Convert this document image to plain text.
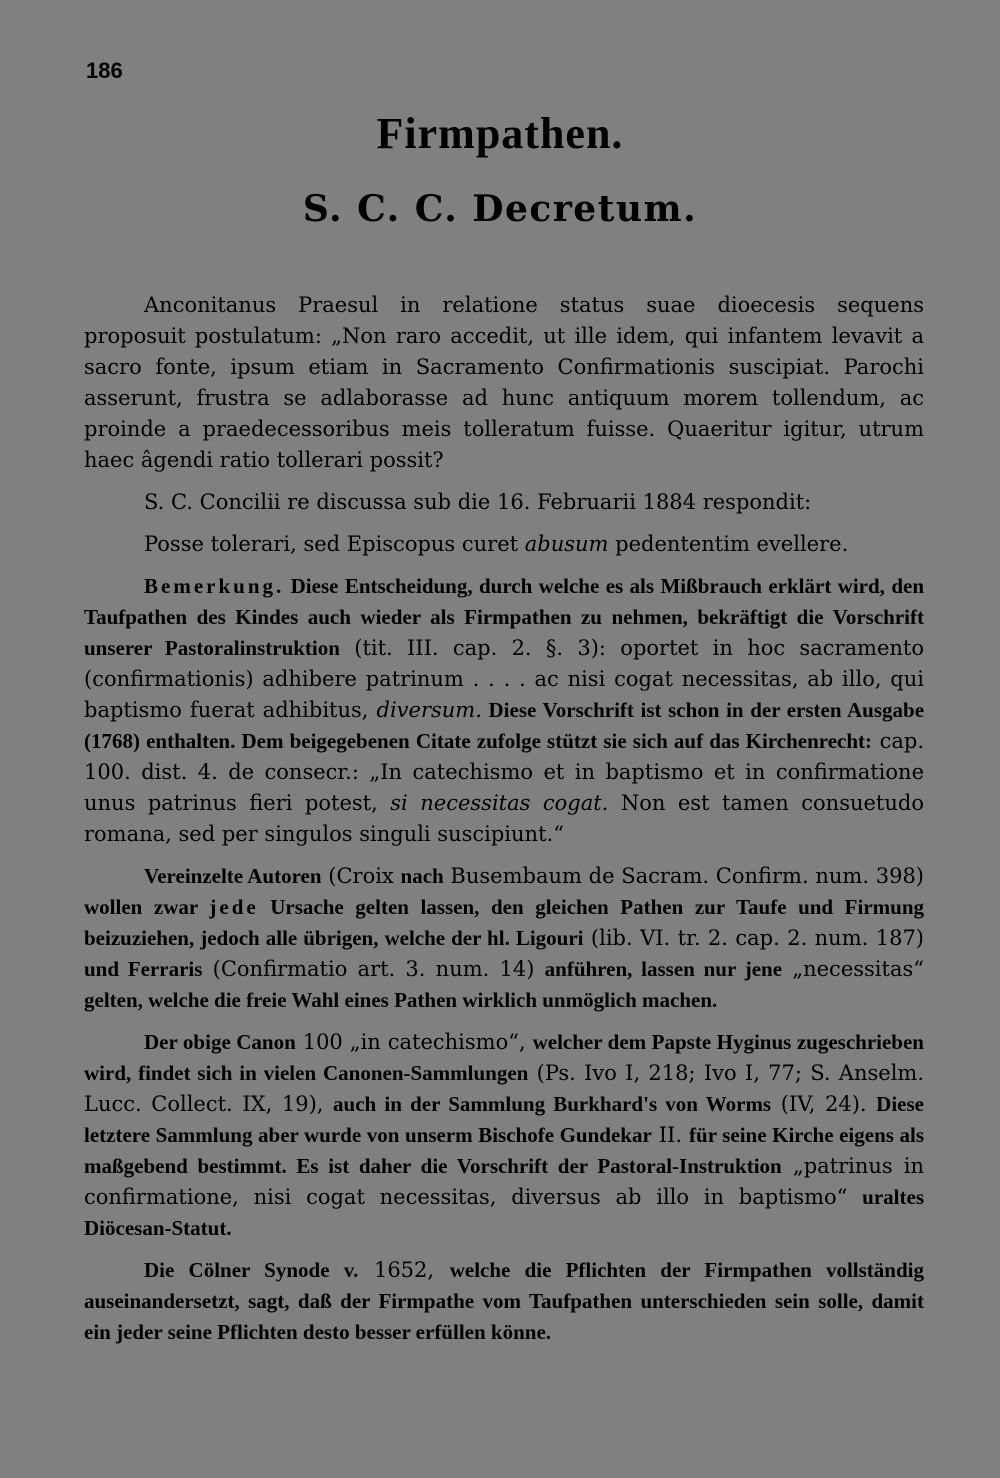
186
Firmpathen.
S. C. C. Decretum.

Anconitanus Praesul in relatione status suae dioecesis sequens proposuit postulatum: „Non raro accedit, ut ille idem, qui infantem levavit a sacro fonte, ipsum etiam in Sacramento Confirmationis suscipiat. Parochi asserunt, frustra se adlaborasse ad hunc antiquum morem tollendum, ac proinde a praedecessoribus meis tolleratum fuisse. Quaeritur igitur, utrum haec âgendi ratio tollerari possit?

S. C. Concilii re discussa sub die 16. Februarii 1884 respondit:

Posse tolerari, sed Episcopus curet abusum pedententim evellere.

Bemerkung. Diese Entscheidung, durch welche es als Mißbrauch erklärt wird, den Taufpathen des Kindes auch wieder als Firmpathen zu nehmen, bekräftigt die Vorschrift unserer Pastoralinstruktion (tit. III. cap. 2. §. 3): oportet in hoc sacramento (confirmationis) adhibere patrinum . . . . ac nisi cogat necessitas, ab illo, qui baptismo fuerat adhibitus, diversum. Diese Vorschrift ist schon in der ersten Ausgabe (1768) enthalten. Dem beigegebenen Citate zufolge stützt sie sich auf das Kirchenrecht: cap. 100. dist. 4. de consecr.: „In catechismo et in baptismo et in confirmatione unus patrinus fieri potest, si necessitas cogat. Non est tamen consuetudo romana, sed per singulos singuli suscipiunt.“

Vereinzelte Autoren (Croix nach Busembaum de Sacram. Confirm. num. 398) wollen zwar jede Ursache gelten lassen, den gleichen Pathen zur Taufe und Firmung beizuziehen, jedoch alle übrigen, welche der hl. Ligouri (lib. VI. tr. 2. cap. 2. num. 187) und Ferraris (Confirmatio art. 3. num. 14) anführen, lassen nur jene „necessitas“ gelten, welche die freie Wahl eines Pathen wirklich unmöglich machen.

Der obige Canon 100 „in catechismo“, welcher dem Papste Hyginus zugeschrieben wird, findet sich in vielen Canonen-Sammlungen (Ps. Ivo I, 218; Ivo I, 77; S. Anselm. Lucc. Collect. IX, 19), auch in der Sammlung Burkhard's von Worms (IV, 24). Diese letztere Sammlung aber wurde von unserm Bischofe Gundekar II. für seine Kirche eigens als maßgebend bestimmt. Es ist daher die Vorschrift der Pastoral-Instruktion „patrinus in confirmatione, nisi cogat necessitas, diversus ab illo in baptismo“ uraltes Diöcesan-Statut.

Die Cölner Synode v. 1652, welche die Pflichten der Firmpathen vollständig auseinandersetzt, sagt, daß der Firmpathe vom Taufpathen unterschieden sein solle, damit ein jeder seine Pflichten desto besser erfüllen könne.
